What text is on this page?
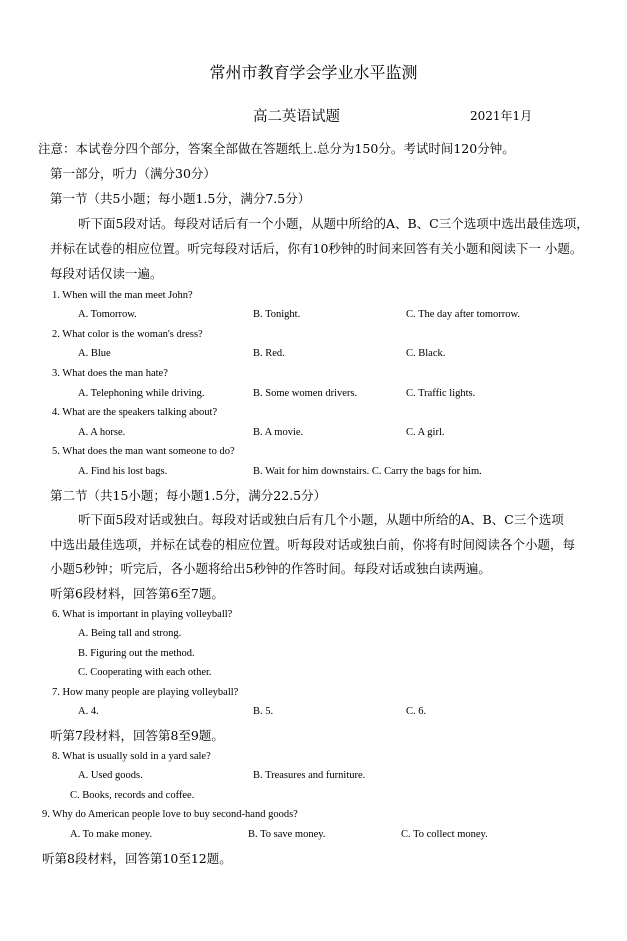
常州市教育学会学业水平监测
高二英语试题	2021年1月
注意：本试卷分四个部分，答案全部做在答题纸上.总分为150分。考试时间120分钟。
第一部分，听力（满分30分）
第一节（共5小题；每小题1.5分，满分7.5分）
听下面5段对话。每段对话后有一个小题，从题中所给的A、B、C三个选项中选出最佳选项，
并标在试卷的相应位置。听完每段对话后，你有10秒钟的时间来回答有关小题和阅读下一 小题。
每段对话仅读一遍。
1. When will the man meet John?
A. Tomorrow.	B. Tonight.	C. The day after tomorrow.
2. What color is the woman's dress?
A. Blue	B. Red.	C. Black.
3. What does the man hate?
A. Telephoning while driving.	B. Some women drivers.	C. Traffic lights.
4. What are the speakers talking about?
A. A horse.	B. A movie.	C. A girl.
5. What does the man want someone to do?
A. Find his lost bags.	B. Wait for him downstairs. C. Carry the bags for him.
第二节（共15小题；每小题1.5分，满分22.5分）
听下面5段对话或独白。每段对话或独白后有几个小题，从题中所给的A、B、C三个选项
中选出最佳选项，并标在试卷的相应位置。听每段对话或独白前，你将有时间阅读各个小题，每
小题5秒钟；听完后，各小题将给出5秒钟的作答时间。每段对话或独白读两遍。
听第6段材料，回答第6至7题。
6. What is important in playing volleyball?
A. Being tall and strong.
B. Figuring out the method.
C. Cooperating with each other.
7. How many people are playing volleyball?
A. 4.	B. 5.	C. 6.
听第7段材料，回答第8至9题。
8. What is usually sold in a yard sale?
A. Used goods.	B. Treasures and furniture.
C. Books, records and coffee.
9. Why do American people love to buy second-hand goods?
A. To make money.	B. To save money.	C. To collect money.
听第8段材料，回答第10至12题。
